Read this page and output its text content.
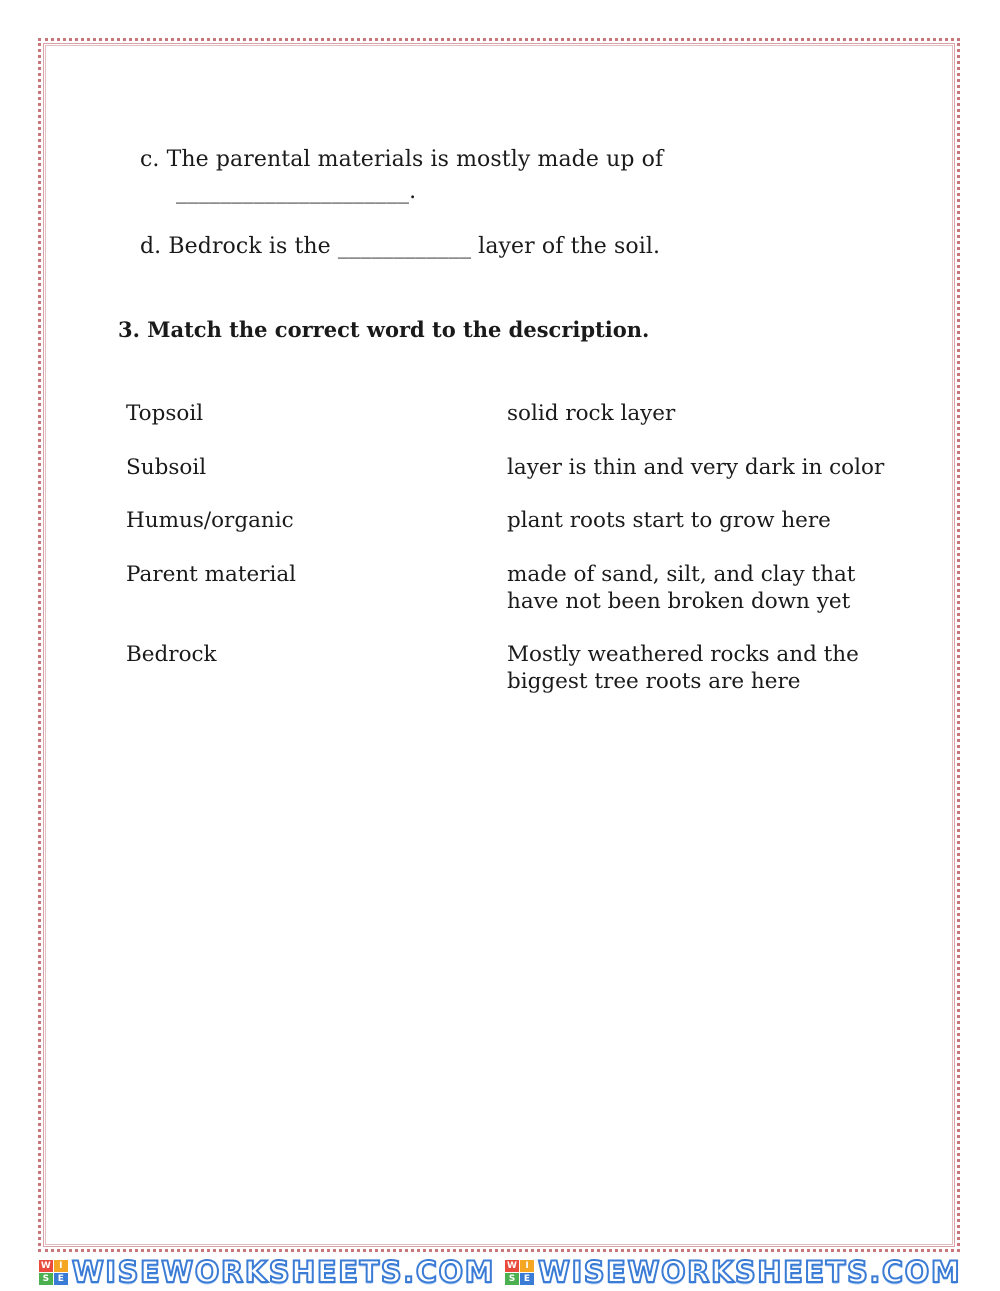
c. The parental materials is mostly made up of
_____________________.
d. Bedrock is the ____________ layer of the soil.
3. Match the correct word to the description.
Topsoil
Subsoil
Humus/organic
Parent material
Bedrock
solid rock layer
layer is thin and very dark in color
plant roots start to grow here
made of sand, silt, and clay that have not been broken down yet
Mostly weathered rocks and the biggest tree roots are here
W I
S E WISEWORKSHEETS.COM W I
S E WISEWORKSHEETS.COM
